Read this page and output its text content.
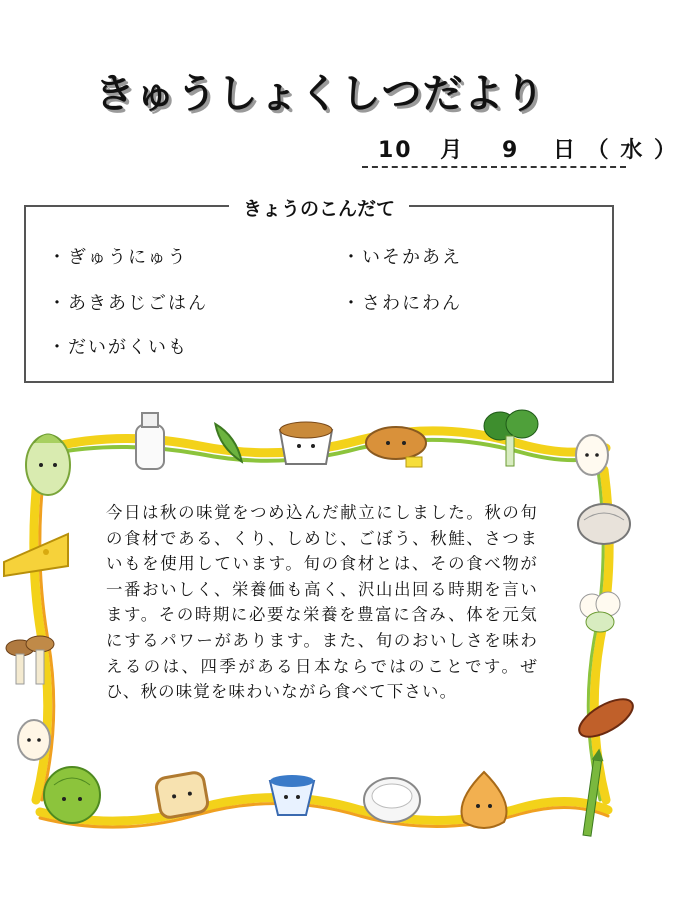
きゅうしょくしつだより
10 月 9 日 （ 水 ）
きょうのこんだて
・ぎゅうにゅう
・あきあじごはん
・だいがくいも
・いそかあえ
・さわにわん
今日は秋の味覚をつめ込んだ献立にしました。秋の旬の食材である、くり、しめじ、ごぼう、秋鮭、さつまいもを使用しています。旬の食材とは、その食べ物が一番おいしく、栄養価も高く、沢山出回る時期を言います。その時期に必要な栄養を豊富に含み、体を元気にするパワーがあります。また、旬のおいしさを味わえるのは、四季がある日本ならではのことです。ぜひ、秋の味覚を味わいながら食べて下さい。
